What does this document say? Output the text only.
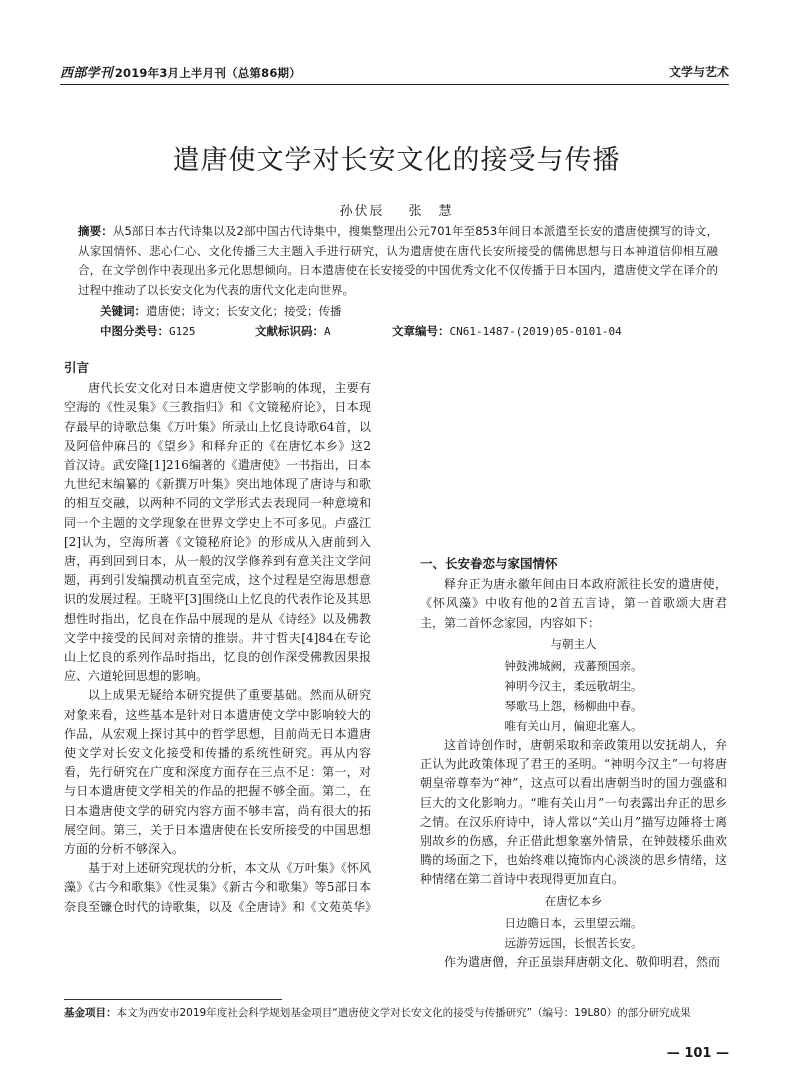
西部学刊 2019年3月上半月刊（总第86期）	文学与艺术
遣唐使文学对长安文化的接受与传播
孙伏辰 张　慧
摘要：从5部日本古代诗集以及2部中国古代诗集中，搜集整理出公元701年至853年间日本派遣至长安的遣唐使撰写的诗文，从家国情怀、悲心仁心、文化传播三大主题入手进行研究，认为遣唐使在唐代长安所接受的儒佛思想与日本神道信仰相互融合，在文学创作中表现出多元化思想倾向。日本遣唐使在长安接受的中国优秀文化不仅传播于日本国内，遣唐使文学在译介的过程中推动了以长安文化为代表的唐代文化走向世界。
关键词：遣唐使；诗文；长安文化；接受；传播
中图分类号：G125	文献标识码：A	文章编号：CN61-1487-(2019)05-0101-04
引言

唐代长安文化对日本遣唐使文学影响的体现，主要有空海的《性灵集》《三教指归》和《文镜秘府论》，日本现存最早的诗歌总集《万叶集》所录山上忆良诗歌64首，以及阿倍仲麻吕的《望乡》和释弁正的《在唐忆本乡》这2首汉诗。武安隆[1]216编著的《遣唐使》一书指出，日本九世纪末编纂的《新撰万叶集》突出地体现了唐诗与和歌的相互交融，以两种不同的文学形式去表现同一种意境和同一个主题的文学现象在世界文学史上不可多见。卢盛江[2]认为，空海所著《文镜秘府论》的形成从入唐前到入唐，再到回到日本，从一般的汉学修养到有意关注文学问题，再到引发编撰动机直至完成，这个过程是空海思想意识的发展过程。王晓平[3]围绕山上忆良的代表作论及其思想性时指出，忆良在作品中展现的是从《诗经》以及佛教文学中接受的民间对亲情的推崇。井寸哲夫[4]84在专论山上忆良的系列作品时指出，忆良的创作深受佛教因果报应、六道轮回思想的影响。

以上成果无疑给本研究提供了重要基础。然而从研究对象来看，这些基本是针对日本遣唐使文学中影响较大的作品，从宏观上探讨其中的哲学思想，目前尚无日本遣唐使文学对长安文化接受和传播的系统性研究。再从内容看，先行研究在广度和深度方面存在三点不足：第一，对与日本遣唐使文学相关的作品的把握不够全面。第二，在日本遣唐使文学的研究内容方面不够丰富，尚有很大的拓展空间。第三，关于日本遣唐使在长安所接受的中国思想方面的分析不够深入。

基于对上述研究现状的分析，本文从《万叶集》《怀风藻》《古今和歌集》《性灵集》《新古今和歌集》等5部日本奈良至镰仓时代的诗歌集，以及《全唐诗》和《文苑英华》

一、长安眷恋与家国情怀

释弁正为唐永徽年间由日本政府派往长安的遣唐使，《怀风藻》中收有他的2首五言诗，第一首歌颂大唐君主，第二首怀念家园，内容如下：

与朝主人
钟鼓沸城阙，戎蕃预国亲。
神明今汉主，柔远敬胡尘。
琴歌马上怨，杨柳曲中春。
唯有关山月，偏迎北塞人。

这首诗创作时，唐朝采取和亲政策用以安抚胡人，弁正认为此政策体现了君王的圣明。“神明今汉主”一句将唐朝皇帝尊奉为“神”，这点可以看出唐朝当时的国力强盛和巨大的文化影响力。“唯有关山月”一句表露出弁正的思乡之情。在汉乐府诗中，诗人常以“关山月”描写边陲将士离别故乡的伤感，弁正借此想象塞外情景，在钟鼓楼乐曲欢腾的场面之下，也始终难以掩饰内心淡淡的思乡情绪，这种情绪在第二首诗中表现得更加直白。

在唐忆本乡
日边瞻日本，云里望云端。
远游劳远国，长恨苦长安。

作为遣唐僧，弁正虽崇拜唐朝文化、敬仰明君，然而

基金项目：本文为西安市2019年度社会科学规划基金项目“遣唐使文学对长安文化的接受与传播研究”（编号：19L80）的部分研究成果
— 101 —
